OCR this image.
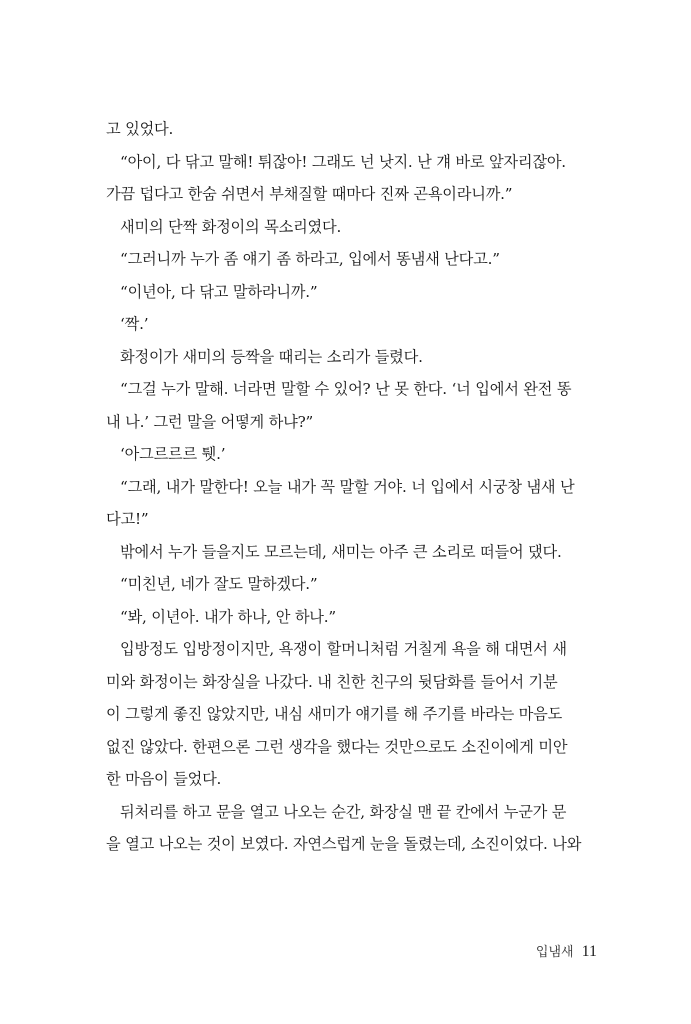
고 있었다.
“아이, 다 닦고 말해! 튀잖아! 그래도 넌 낫지. 난 걔 바로 앞자리잖아.
가끔 덥다고 한숨 쉬면서 부채질할 때마다 진짜 곤욕이라니까.”
새미의 단짝 화정이의 목소리였다.
“그러니까 누가 좀 얘기 좀 하라고, 입에서 똥냄새 난다고.”
“이년아, 다 닦고 말하라니까.”
‘짝.’
화정이가 새미의 등짝을 때리는 소리가 들렸다.
“그걸 누가 말해. 너라면 말할 수 있어? 난 못 한다. ‘너 입에서 완전 똥
내 나.’ 그런 말을 어떻게 하냐?”
‘아그르르르 퉷.’
“그래, 내가 말한다! 오늘 내가 꼭 말할 거야. 너 입에서 시궁창 냄새 난
다고!”
밖에서 누가 들을지도 모르는데, 새미는 아주 큰 소리로 떠들어 댔다.
“미친년, 네가 잘도 말하겠다.”
“봐, 이년아. 내가 하나, 안 하나.”
입방정도 입방정이지만, 욕쟁이 할머니처럼 거칠게 욕을 해 대면서 새
미와 화정이는 화장실을 나갔다. 내 친한 친구의 뒷담화를 들어서 기분
이 그렇게 좋진 않았지만, 내심 새미가 얘기를 해 주기를 바라는 마음도
없진 않았다. 한편으론 그런 생각을 했다는 것만으로도 소진이에게 미안
한 마음이 들었다.
뒤처리를 하고 문을 열고 나오는 순간, 화장실 맨 끝 칸에서 누군가 문
을 열고 나오는 것이 보였다. 자연스럽게 눈을 돌렸는데, 소진이었다. 나와
입냄새 11
